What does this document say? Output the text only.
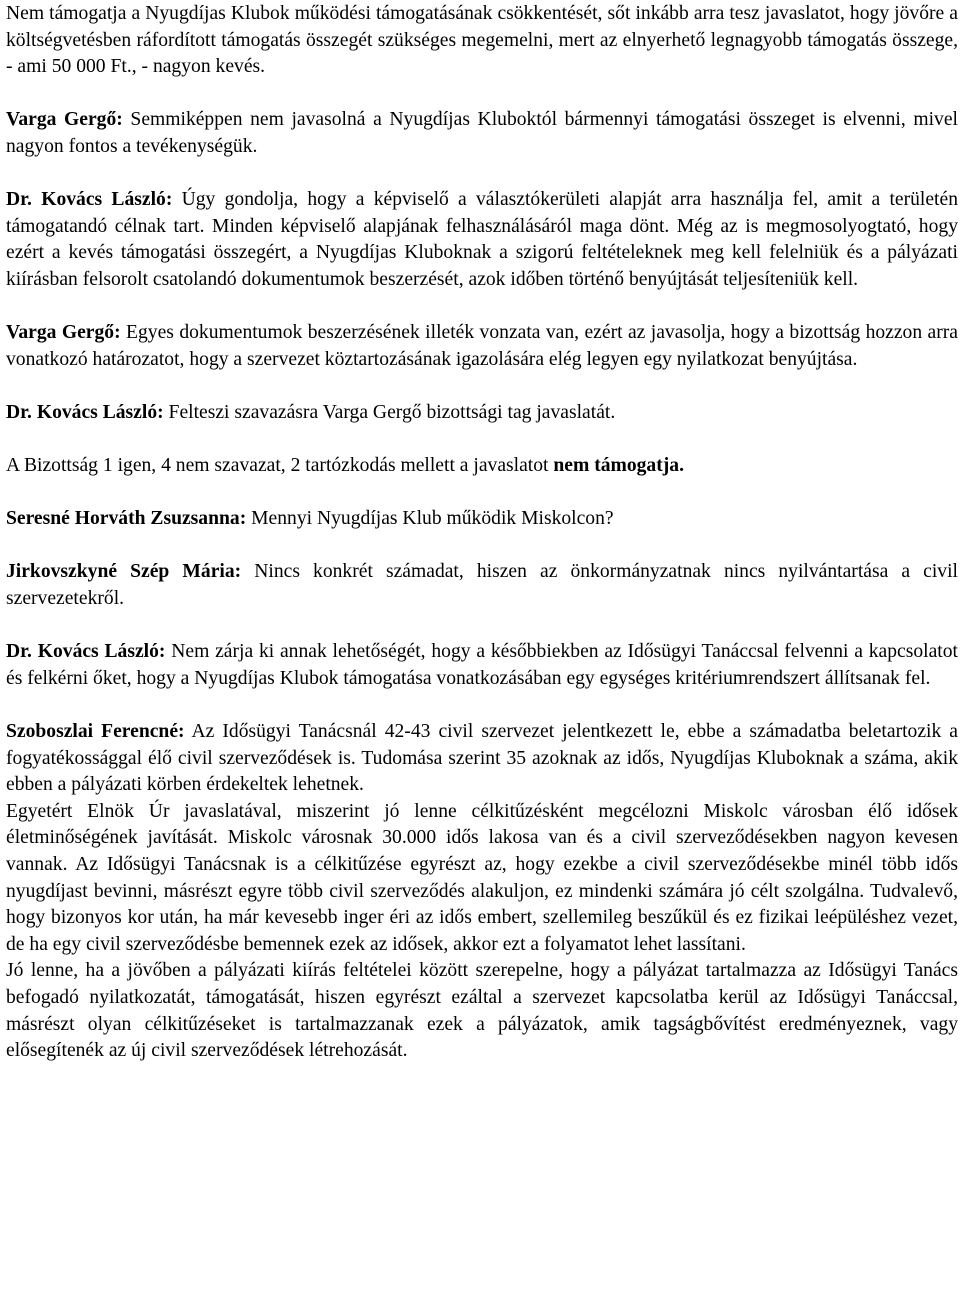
Nem támogatja a Nyugdíjas Klubok működési támogatásának csökkentését, sőt inkább arra tesz javaslatot, hogy jövőre a költségvetésben ráfordított támogatás összegét szükséges megemelni, mert az elnyerhető legnagyobb támogatás összege, - ami 50 000 Ft., - nagyon kevés.

Varga Gergő: Semmiképpen nem javasolná a Nyugdíjas Kluboktól bármennyi támogatási összeget is elvenni, mivel nagyon fontos a tevékenységük.

Dr. Kovács László: Úgy gondolja, hogy a képviselő a választókerületi alapját arra használja fel, amit a területén támogatandó célnak tart. Minden képviselő alapjának felhasználásáról maga dönt. Még az is megmosolyogtató, hogy ezért a kevés támogatási összegért, a Nyugdíjas Kluboknak a szigorú feltételeknek meg kell felelniük és a pályázati kiírásban felsorolt csatolandó dokumentumok beszerzését, azok időben történő benyújtását teljesíteniük kell.

Varga Gergő: Egyes dokumentumok beszerzésének illeték vonzata van, ezért az javasolja, hogy a bizottság hozzon arra vonatkozó határozatot, hogy a szervezet köztartozásának igazolására elég legyen egy nyilatkozat benyújtása.

Dr. Kovács László: Felteszi szavazásra Varga Gergő bizottsági tag javaslatát.

A Bizottság 1 igen, 4 nem szavazat, 2 tartózkodás mellett a javaslatot nem támogatja.

Seresné Horváth Zsuzsanna: Mennyi Nyugdíjas Klub működik Miskolcon?

Jirkovszkyné Szép Mária: Nincs konkrét számadat, hiszen az önkormányzatnak nincs nyilvántartása a civil szervezetekről.

Dr. Kovács László: Nem zárja ki annak lehetőségét, hogy a későbbiekben az Idősügyi Tanáccsal felvenni a kapcsolatot és felkérni őket, hogy a Nyugdíjas Klubok támogatása vonatkozásában egy egységes kritériumrendszert állítsanak fel.

Szoboszlai Ferencné: Az Idősügyi Tanácsnál 42-43 civil szervezet jelentkezett le, ebbe a számadatba beletartozik a fogyatékossággal élő civil szerveződések is. Tudomása szerint 35 azoknak az idős, Nyugdíjas Kluboknak a száma, akik ebben a pályázati körben érdekeltek lehetnek.

Egyetért Elnök Úr javaslatával, miszerint jó lenne célkitűzésként megcélozni Miskolc városban élő idősek életminőségének javítását. Miskolc városnak 30.000 idős lakosa van és a civil szerveződésekben nagyon kevesen vannak. Az Idősügyi Tanácsnak is a célkitűzése egyrészt az, hogy ezekbe a civil szerveződésekbe minél több idős nyugdíjast bevinni, másrészt egyre több civil szerveződés alakuljon, ez mindenki számára jó célt szolgálna. Tudvalevő, hogy bizonyos kor után, ha már kevesebb inger éri az idős embert, szellemileg beszűkül és ez fizikai leépüléshez vezet, de ha egy civil szerveződésbe bemennek ezek az idősek, akkor ezt a folyamatot lehet lassítani.

Jó lenne, ha a jövőben a pályázati kiírás feltételei között szerepelne, hogy a pályázat tartalmazza az Idősügyi Tanács befogadó nyilatkozatát, támogatását, hiszen egyrészt ezáltal a szervezet kapcsolatba kerül az Idősügyi Tanáccsal, másrészt olyan célkitűzéseket is tartalmazzanak ezek a pályázatok, amik tagságbővítést eredményeznek, vagy elősegítenék az új civil szerveződések létrehozását.
